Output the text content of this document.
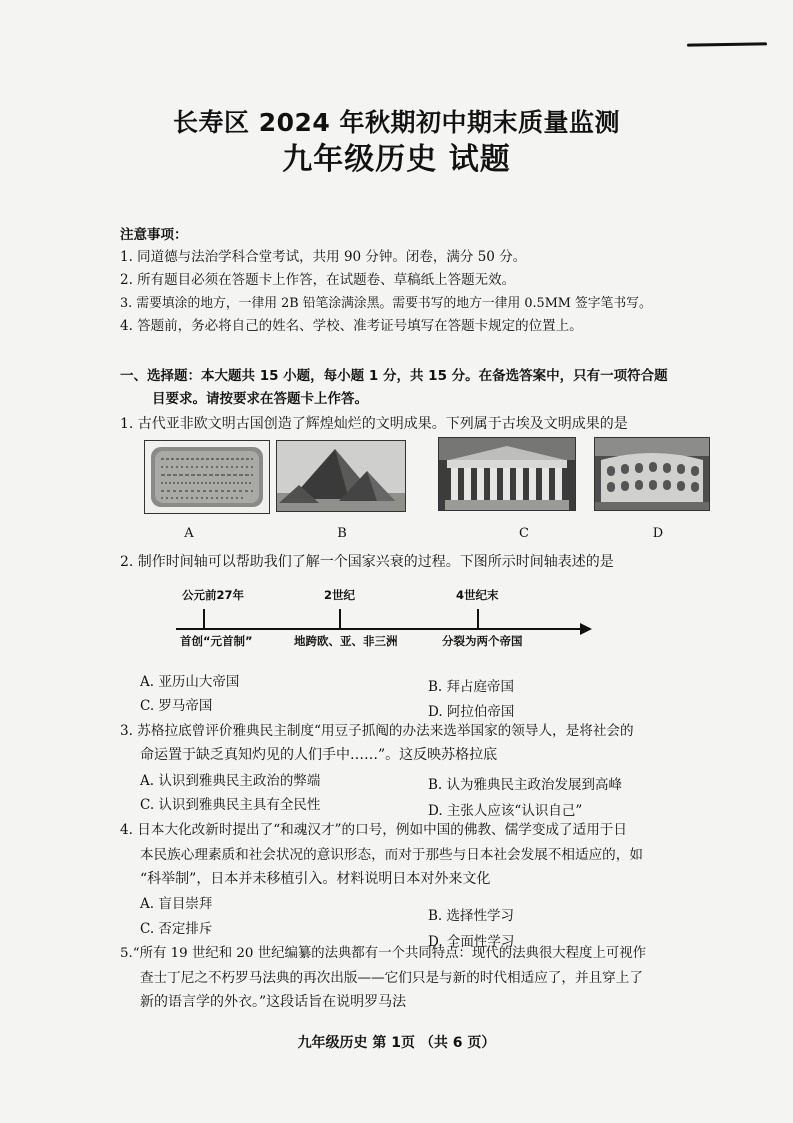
长寿区 2024 年秋期初中期末质量监测
九年级历史 试题
注意事项：
1. 同道德与法治学科合堂考试，共用 90 分钟。闭卷，满分 50 分。
2. 所有题目必须在答题卡上作答，在试题卷、草稿纸上答题无效。
3. 需要填涂的地方，一律用 2B 铅笔涂满涂黑。需要书写的地方一律用 0.5MM 签字笔书写。
4. 答题前，务必将自己的姓名、学校、准考证号填写在答题卡规定的位置上。
一、选择题：本大题共 15 小题，每小题 1 分，共 15 分。在备选答案中，只有一项符合题
目要求。请按要求在答题卡上作答。
1. 古代亚非欧文明古国创造了辉煌灿烂的文明成果。下列属于古埃及文明成果的是
A	B	C	D
2. 制作时间轴可以帮助我们了解一个国家兴衰的过程。下图所示时间轴表述的是
公元前27年	2世纪	4世纪末
首创“元首制”	地跨欧、亚、非三洲	分裂为两个帝国
A. 亚历山大帝国	B. 拜占庭帝国
C. 罗马帝国	D. 阿拉伯帝国
3. 苏格拉底曾评价雅典民主制度“用豆子抓阄的办法来选举国家的领导人，是将社会的
命运置于缺乏真知灼见的人们手中……”。这反映苏格拉底
A. 认识到雅典民主政治的弊端	B. 认为雅典民主政治发展到高峰
C. 认识到雅典民主具有全民性	D. 主张人应该“认识自己”
4. 日本大化改新时提出了“和魂汉才”的口号，例如中国的佛教、儒学变成了适用于日
本民族心理素质和社会状况的意识形态，而对于那些与日本社会发展不相适应的，如
“科举制”，日本并未移植引入。材料说明日本对外来文化
A. 盲目崇拜
B. 选择性学习
C. 否定排斥
D. 全面性学习
5.“所有 19 世纪和 20 世纪编纂的法典都有一个共同特点：现代的法典很大程度上可视作
查士丁尼之不朽罗马法典的再次出版——它们只是与新的时代相适应了，并且穿上了
新的语言学的外衣。”这段话旨在说明罗马法
九年级历史 第 1页 （共 6 页）
